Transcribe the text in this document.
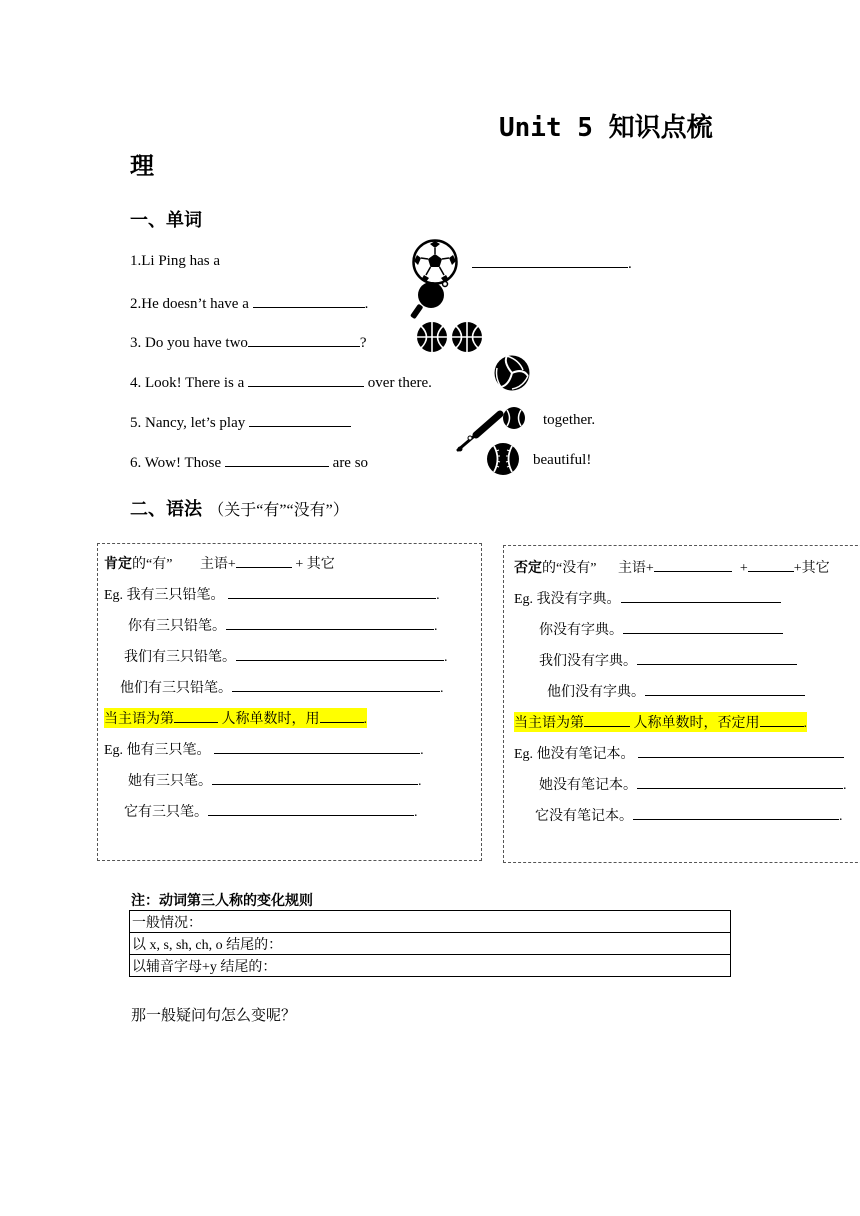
Unit 5 知识点梳
理
一、单词
1.Li Ping has a	.
2.He doesn’t have a	.
3. Do you have two	?
4. Look! There is a	over there.
5. Nancy, let’s play	together.
6. Wow! Those	are so	beautiful!
二、语法 （关于“有”“没有”）
肯定的“有” 主语+	+ 其它
Eg. 我有三只铅笔。	.
你有三只铅笔。	.
我们有三只铅笔。	.
他们有三只铅笔。	.
当主语为第	人称单数时，用	.
Eg. 他有三只笔。	.
她有三只笔。	.
它有三只笔。	.
否定的“没有” 主语+	+	+其它
Eg. 我没有字典。
你没有字典。
我们没有字典。
他们没有字典。
当主语为第	人称单数时，否定用	.
Eg. 他没有笔记本。
她没有笔记本。	.
它没有笔记本。	.
注：动词第三人称的变化规则
一般情况：
以 x, s, sh, ch, o 结尾的：
以辅音字母+y 结尾的：
那一般疑问句怎么变呢？
